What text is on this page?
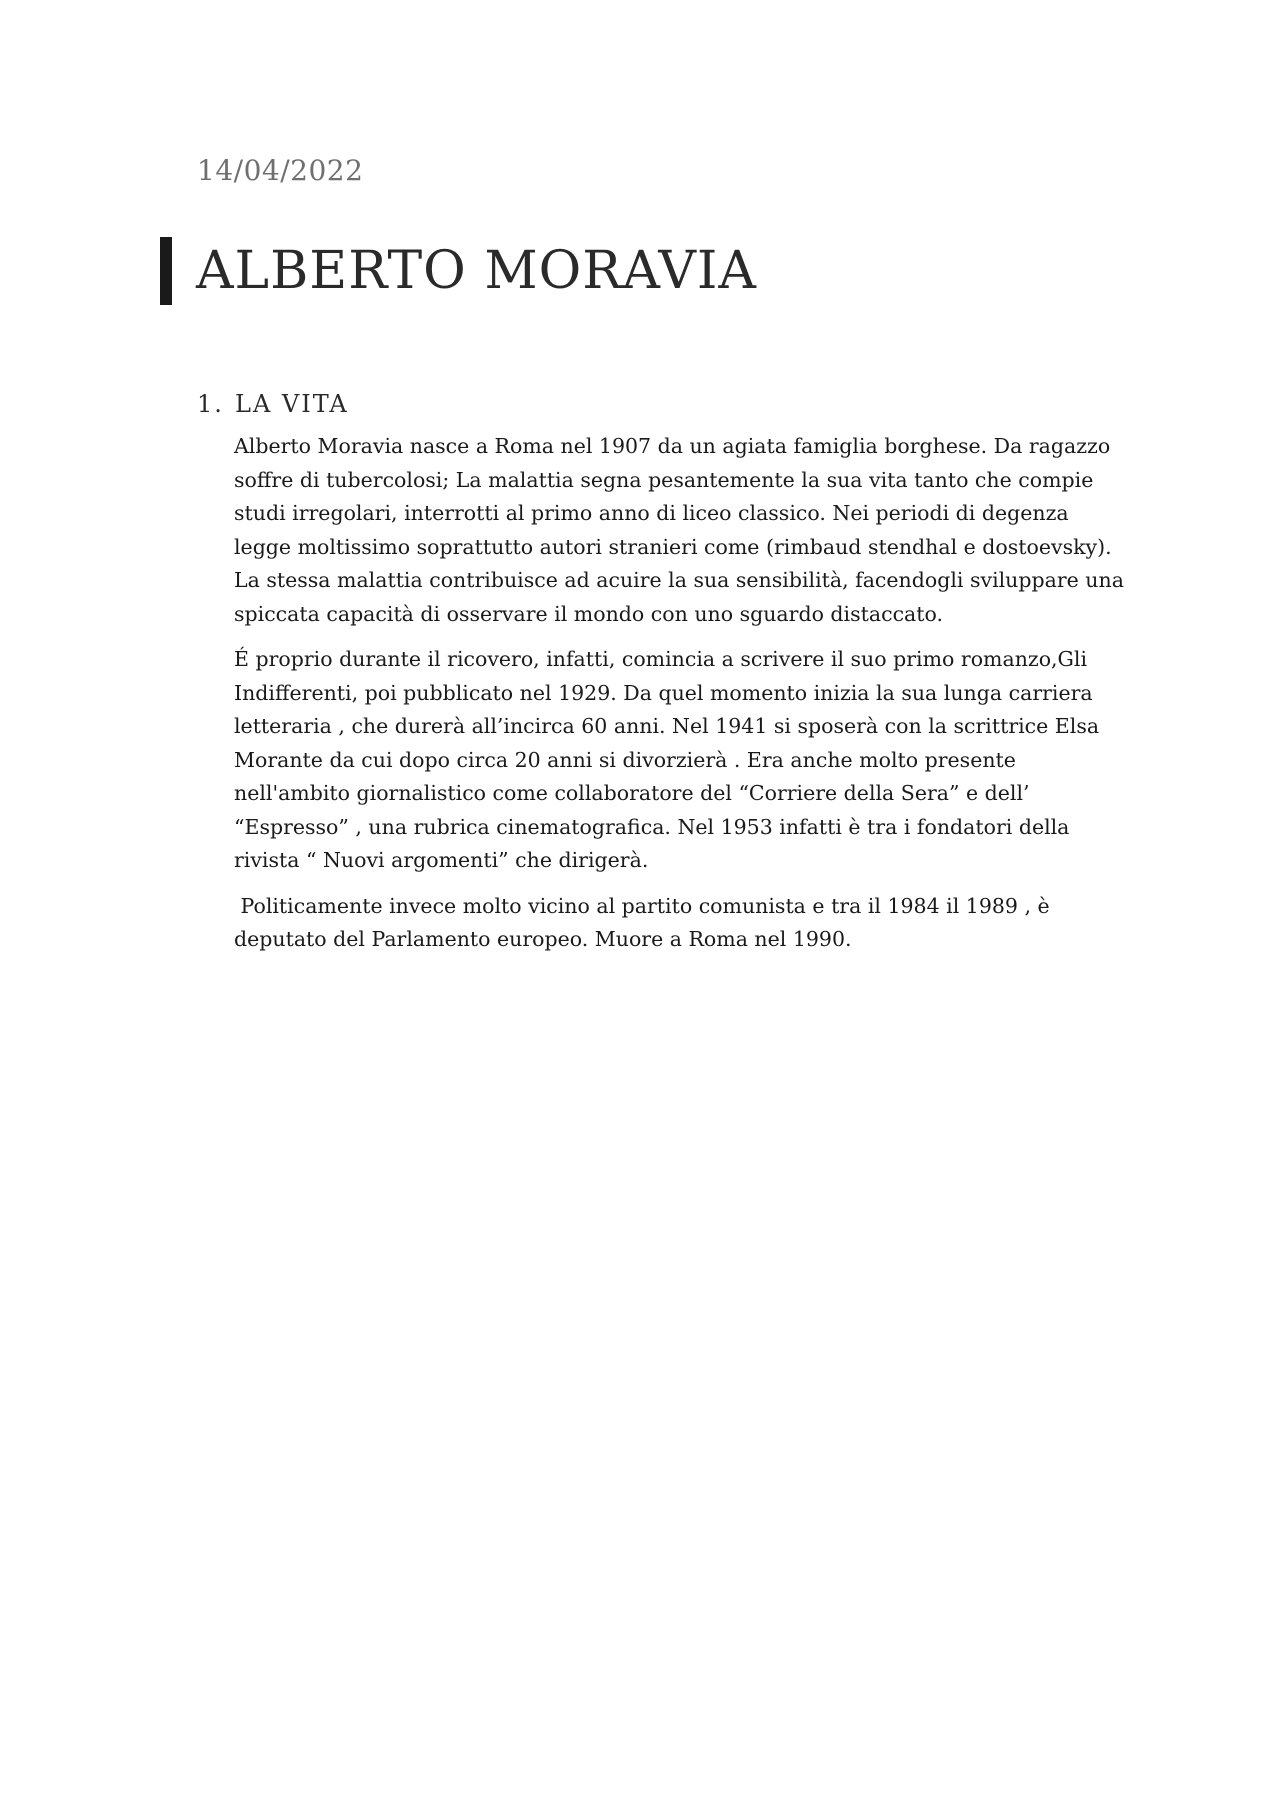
14/04/2022
ALBERTO MORAVIA
1. LA VITA

Alberto Moravia nasce a Roma nel 1907 da un agiata famiglia borghese. Da ragazzo
soffre di tubercolosi; La malattia segna pesantemente la sua vita tanto che compie
studi irregolari, interrotti al primo anno di liceo classico. Nei periodi di degenza
legge moltissimo soprattutto autori stranieri come (rimbaud stendhal e dostoevsky).
La stessa malattia contribuisce ad acuire la sua sensibilità, facendogli sviluppare una
spiccata capacità di osservare il mondo con uno sguardo distaccato.

É proprio durante il ricovero, infatti, comincia a scrivere il suo primo romanzo,Gli
Indifferenti, poi pubblicato nel 1929. Da quel momento inizia la sua lunga carriera
letteraria , che durerà all’incirca 60 anni. Nel 1941 si sposerà con la scrittrice Elsa
Morante da cui dopo circa 20 anni si divorzierà . Era anche molto presente
nell'ambito giornalistico come collaboratore del “Corriere della Sera” e dell’
“Espresso” , una rubrica cinematografica. Nel 1953 infatti è tra i fondatori della
rivista “ Nuovi argomenti” che dirigerà.

Politicamente invece molto vicino al partito comunista e tra il 1984 il 1989 , è
deputato del Parlamento europeo. Muore a Roma nel 1990.
